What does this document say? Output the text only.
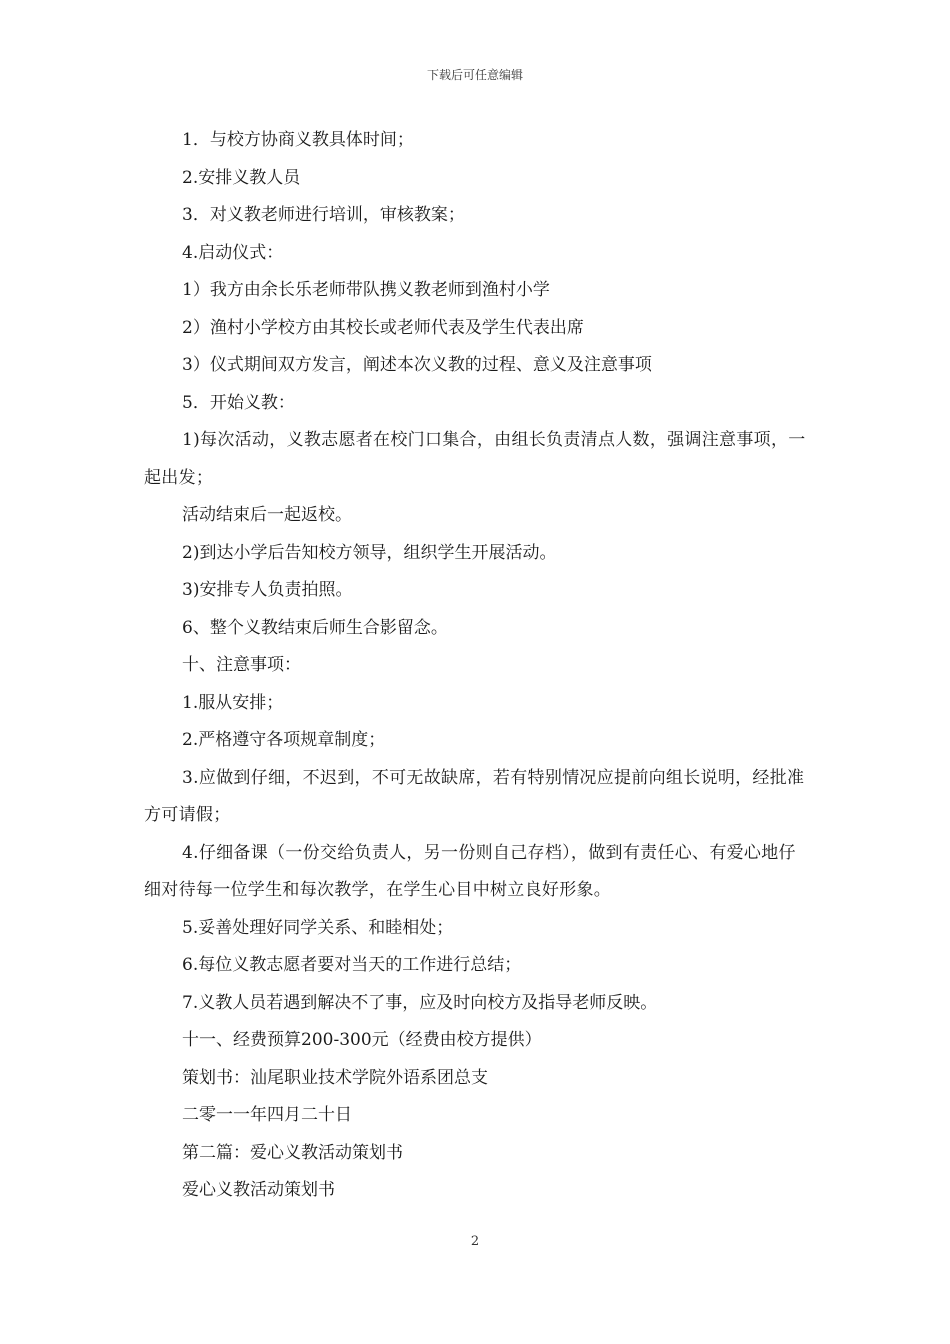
下载后可任意编辑

1．与校方协商义教具体时间；

2.安排义教人员

3．对义教老师进行培训，审核教案；

4.启动仪式：

1）我方由余长乐老师带队携义教老师到渔村小学

2）渔村小学校方由其校长或老师代表及学生代表出席

3）仪式期间双方发言，阐述本次义教的过程、意义及注意事项

5．开始义教：

1)每次活动，义教志愿者在校门口集合，由组长负责清点人数，强调注意事项，一起出发；

活动结束后一起返校。

2)到达小学后告知校方领导，组织学生开展活动。

3)安排专人负责拍照。

6、整个义教结束后师生合影留念。

十、注意事项：

1.服从安排；

2.严格遵守各项规章制度；

3.应做到仔细，不迟到，不可无故缺席，若有特别情况应提前向组长说明，经批准方可请假；

4.仔细备课（一份交给负责人，另一份则自己存档），做到有责任心、有爱心地仔细对待每一位学生和每次教学，在学生心目中树立良好形象。

5.妥善处理好同学关系、和睦相处；

6.每位义教志愿者要对当天的工作进行总结；

7.义教人员若遇到解决不了事，应及时向校方及指导老师反映。

十一、经费预算200-300元（经费由校方提供）

策划书：汕尾职业技术学院外语系团总支

二零一一年四月二十日

第二篇：爱心义教活动策划书

爱心义教活动策划书

2
